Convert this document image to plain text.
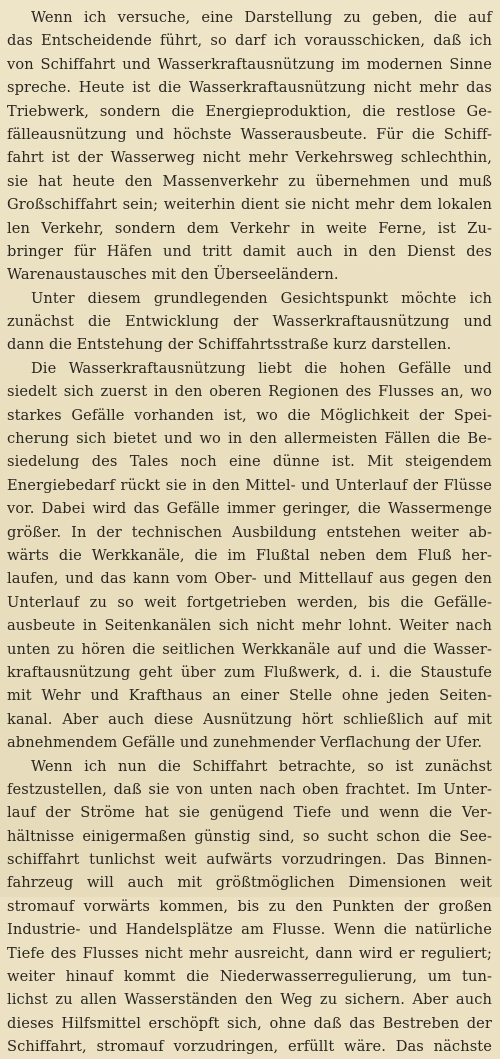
Wenn ich versuche, eine Darstellung zu geben, die auf
das Entscheidende führt, so darf ich vorausschicken, daß ich
von Schiffahrt und Wasserkraftausnützung im modernen Sinne
spreche. Heute ist die Wasserkraftausnützung nicht mehr das
Triebwerk, sondern die Energieproduktion, die restlose Ge-
fälleausnützung und höchste Wasserausbeute. Für die Schiff-
fahrt ist der Wasserweg nicht mehr Verkehrsweg schlechthin,
sie hat heute den Massenverkehr zu übernehmen und muß
Großschiffahrt sein; weiterhin dient sie nicht mehr dem lokalen
len Verkehr, sondern dem Verkehr in weite Ferne, ist Zu-
bringer für Häfen und tritt damit auch in den Dienst des
Warenaustausches mit den Überseeländern.
Unter diesem grundlegenden Gesichtspunkt möchte ich
zunächst die Entwicklung der Wasserkraftausnützung und
dann die Entstehung der Schiffahrtsstraße kurz darstellen.
Die Wasserkraftausnützung liebt die hohen Gefälle und
siedelt sich zuerst in den oberen Regionen des Flusses an, wo
starkes Gefälle vorhanden ist, wo die Möglichkeit der Spei-
cherung sich bietet und wo in den allermeisten Fällen die Be-
siedelung des Tales noch eine dünne ist. Mit steigendem
Energiebedarf rückt sie in den Mittel- und Unterlauf der Flüsse
vor. Dabei wird das Gefälle immer geringer, die Wassermenge
größer. In der technischen Ausbildung entstehen weiter ab-
wärts die Werkkanäle, die im Flußtal neben dem Fluß her-
laufen, und das kann vom Ober- und Mittellauf aus gegen den
Unterlauf zu so weit fortgetrieben werden, bis die Gefälle-
ausbeute in Seitenkanälen sich nicht mehr lohnt. Weiter nach
unten zu hören die seitlichen Werkkanäle auf und die Wasser-
kraftausnützung geht über zum Flußwerk, d. i. die Staustufe
mit Wehr und Krafthaus an einer Stelle ohne jeden Seiten-
kanal. Aber auch diese Ausnützung hört schließlich auf mit
abnehmendem Gefälle und zunehmender Verflachung der Ufer.
Wenn ich nun die Schiffahrt betrachte, so ist zunächst
festzustellen, daß sie von unten nach oben frachtet. Im Unter-
lauf der Ströme hat sie genügend Tiefe und wenn die Ver-
hältnisse einigermaßen günstig sind, so sucht schon die See-
schiffahrt tunlichst weit aufwärts vorzudringen. Das Binnen-
fahrzeug will auch mit größtmöglichen Dimensionen weit
stromauf vorwärts kommen, bis zu den Punkten der großen
Industrie- und Handelsplätze am Flusse. Wenn die natürliche
Tiefe des Flusses nicht mehr ausreicht, dann wird er reguliert;
weiter hinauf kommt die Niederwasserregulierung, um tun-
lichst zu allen Wasserständen den Weg zu sichern. Aber auch
dieses Hilfsmittel erschöpft sich, ohne daß das Bestreben der
Schiffahrt, stromauf vorzudringen, erfüllt wäre. Das nächste
